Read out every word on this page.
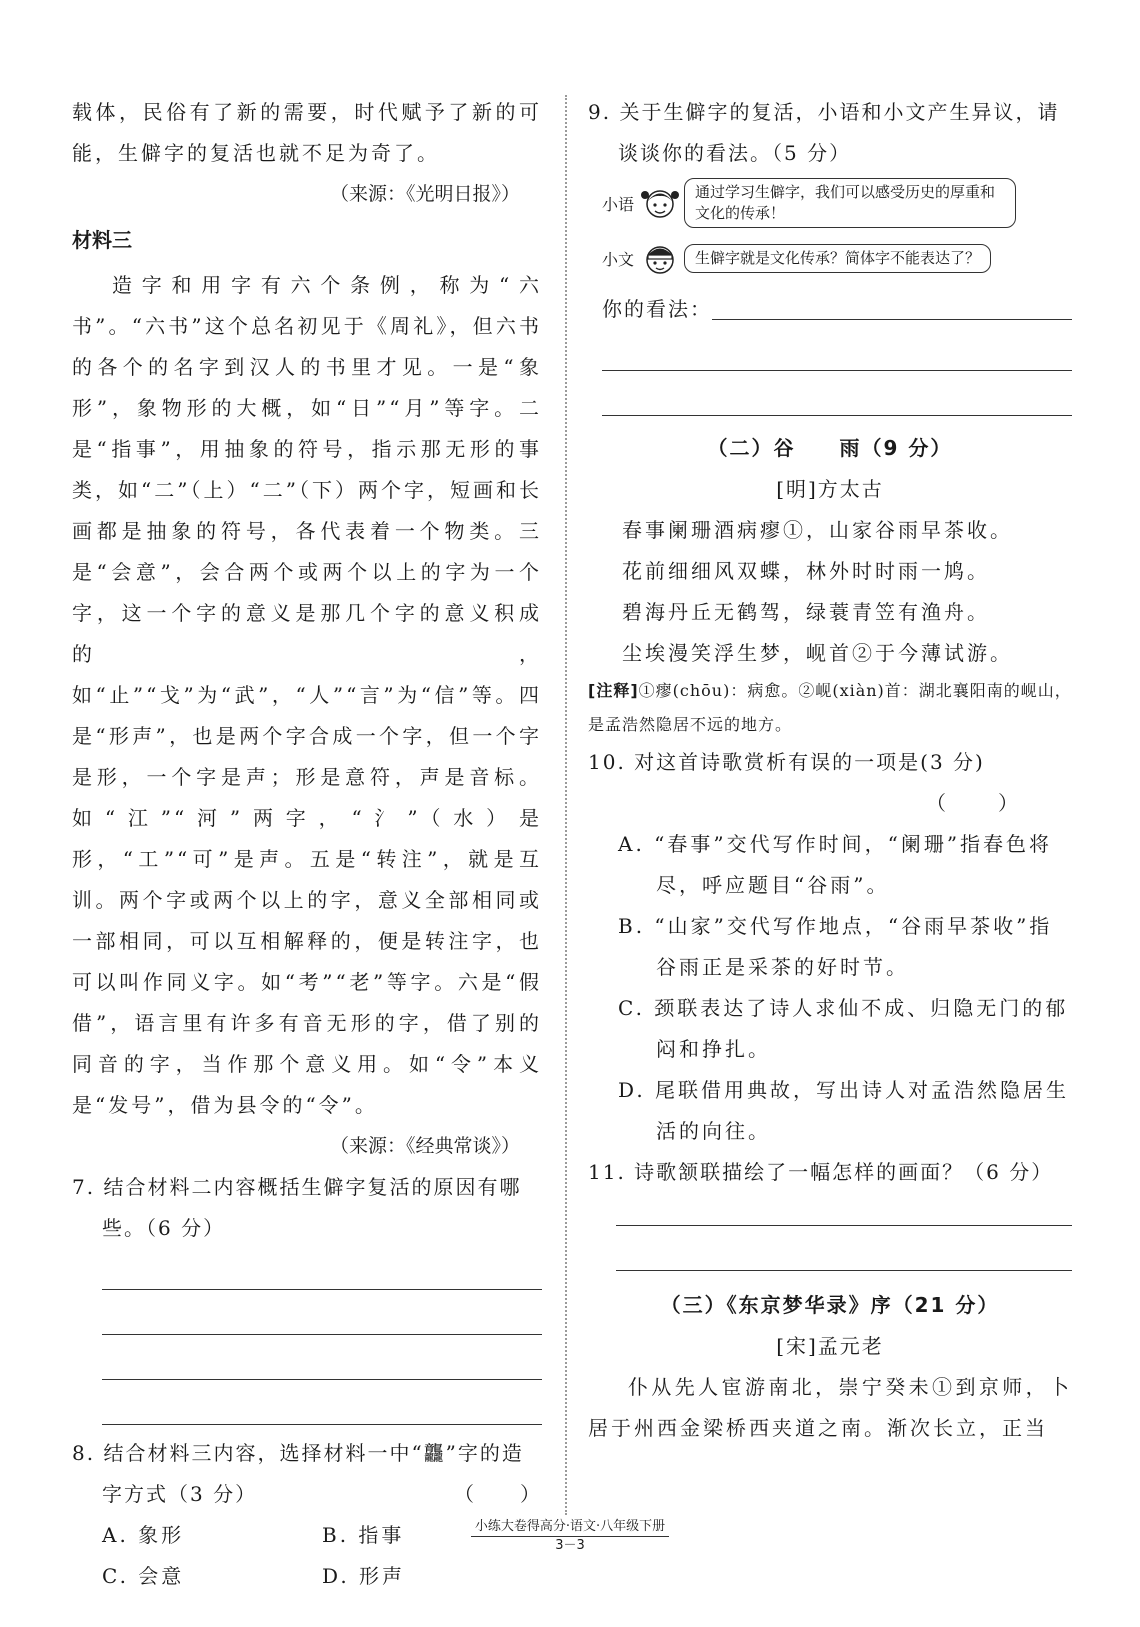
载体，民俗有了新的需要，时代赋予了新的可能，生僻字的复活也就不足为奇了。

（来源：《光明日报》）

材料三

造字和用字有六个条例，称为“六书”。“六书”这个总名初见于《周礼》，但六书的各个的名字到汉人的书里才见。一是“象形”，象物形的大概，如“日”“月”等字。二是“指事”，用抽象的符号，指示那无形的事类，如“二”（上）“二”（下）两个字，短画和长画都是抽象的符号，各代表着一个物类。三是“会意”，会合两个或两个以上的字为一个字，这一个字的意义是那几个字的意义积成的，如“止”“戈”为“武”，“人”“言”为“信”等。四是“形声”，也是两个字合成一个字，但一个字是形，一个字是声；形是意符，声是音标。如“江”“河”两字，“氵”（水）是形，“工”“可”是声。五是“转注”，就是互训。两个字或两个以上的字，意义全部相同或一部相同，可以互相解释的，便是转注字，也可以叫作同义字。如“考”“老”等字。六是“假借”，语言里有许多有音无形的字，借了别的同音的字，当作那个意义用。如“令”本义是“发号”，借为县令的“令”。

（来源：《经典常谈》）

7. 结合材料二内容概括生僻字复活的原因有哪些。（6 分）

8. 结合材料三内容，选择材料一中“龘”字的造字方式（3 分）	（　　）

A. 象形	B. 指事
C. 会意	D. 形声

9. 关于生僻字的复活，小语和小文产生异议，请谈谈你的看法。（5 分）

小语
通过学习生僻字，我们可以感受历史的厚重和文化的传承！
小文	生僻字就是文化传承？简体字不能表达了？
你的看法：

（二）谷　　雨（9 分）

[明]方太古

春事阑珊酒病瘳①，山家谷雨早茶收。

花前细细风双蝶，林外时时雨一鸠。

碧海丹丘无鹤驾，绿蓑青笠有渔舟。

尘埃漫笑浮生梦，岘首②于今薄试游。

[注释]①瘳(chōu)：病愈。②岘(xiàn)首：湖北襄阳南的岘山，是孟浩然隐居不远的地方。

10. 对这首诗歌赏析有误的一项是(3 分)

（　　）

A. “春事”交代写作时间，“阑珊”指春色将尽，呼应题目“谷雨”。

B. “山家”交代写作地点，“谷雨早茶收”指谷雨正是采茶的好时节。

C. 颈联表达了诗人求仙不成、归隐无门的郁闷和挣扎。

D. 尾联借用典故，写出诗人对孟浩然隐居生活的向往。

11. 诗歌颔联描绘了一幅怎样的画面？（6 分）

（三）《东京梦华录》序（21 分）

[宋]孟元老

仆从先人宦游南北，崇宁癸未①到京师，卜居于州西金梁桥西夹道之南。渐次长立，正当

小练大卷得高分·语文·八年级下册
3－3
